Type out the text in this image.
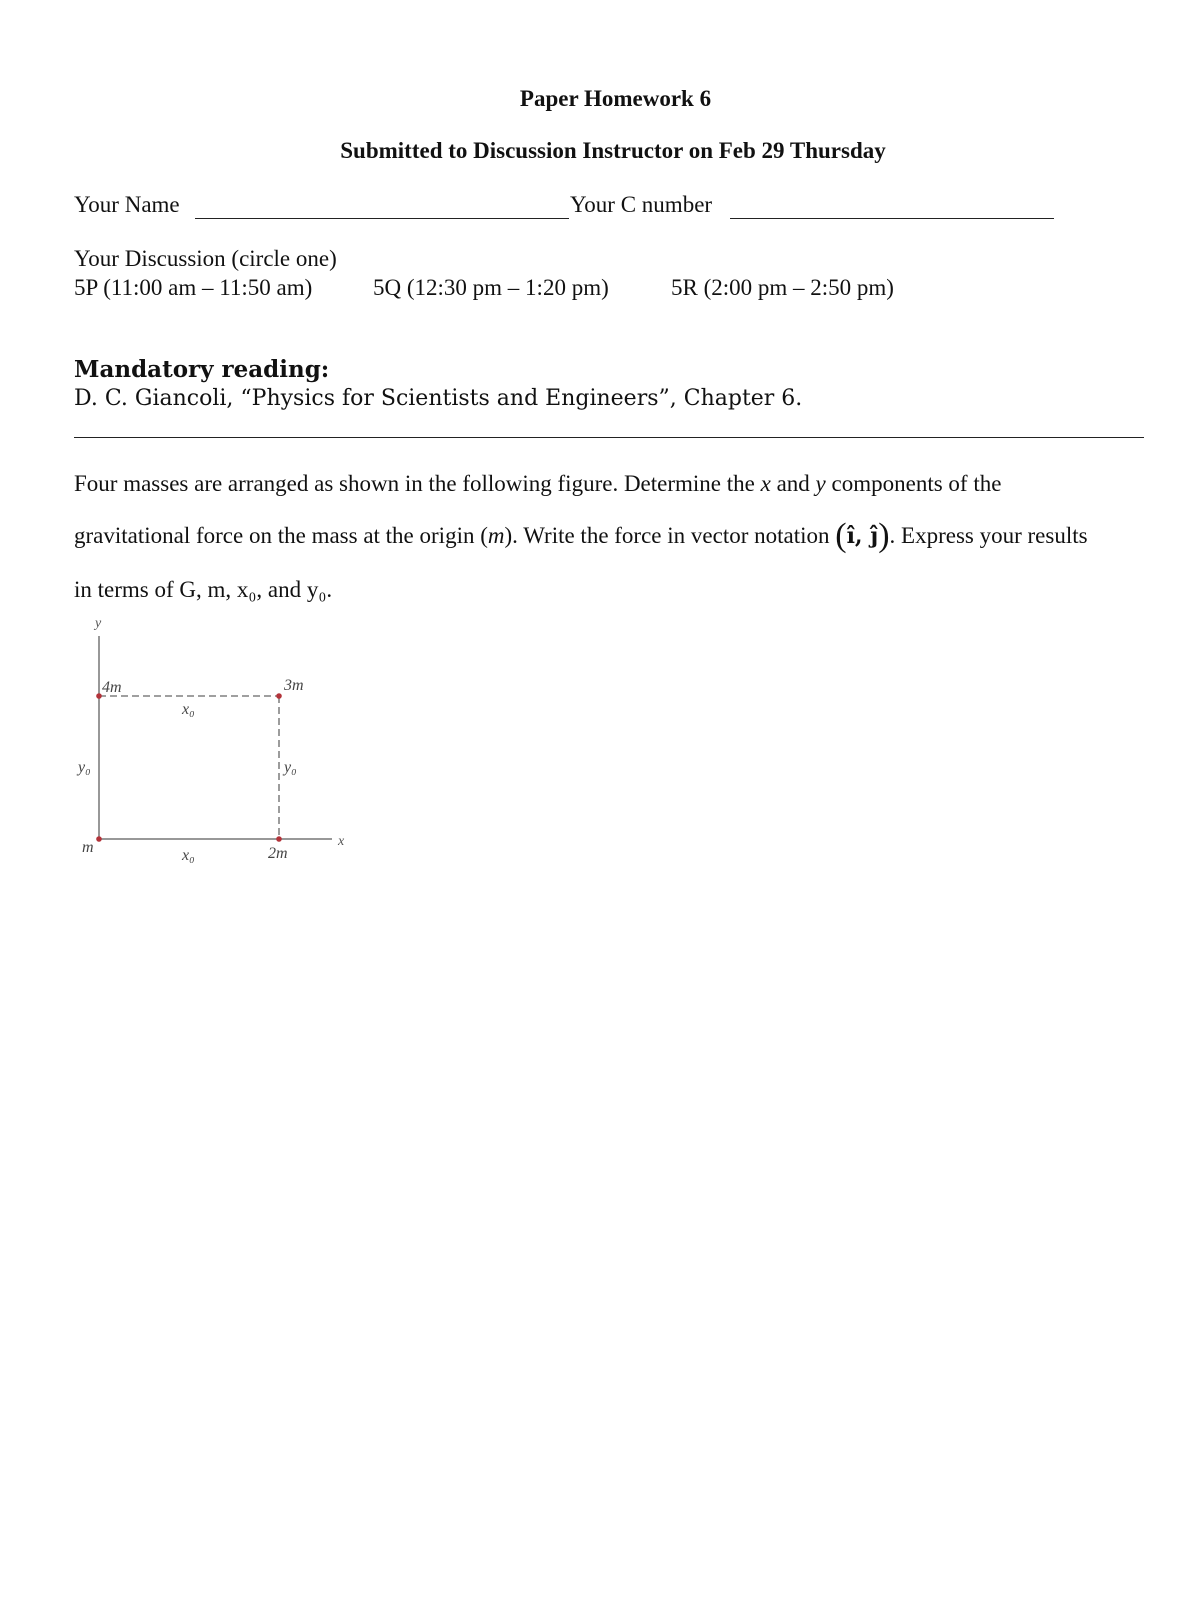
Paper Homework 6
Submitted to Discussion Instructor on Feb 29 Thursday
Your Name	Your C number
Your Discussion (circle one)
5P (11:00 am – 11:50 am)	5Q (12:30 pm – 1:20 pm)	5R (2:00 pm – 2:50 pm)
Mandatory reading:
D. C. Giancoli, “Physics for Scientists and Engineers”, Chapter 6.
Four masses are arranged as shown in the following figure. Determine the x and y components of the
gravitational force on the mass at the origin (m). Write the force in vector notation (î, ĵ). Express your results
in terms of G, m, x₀, and y₀.
y
x
4m	3m
m	2m
x₀
x₀
y₀	y₀
